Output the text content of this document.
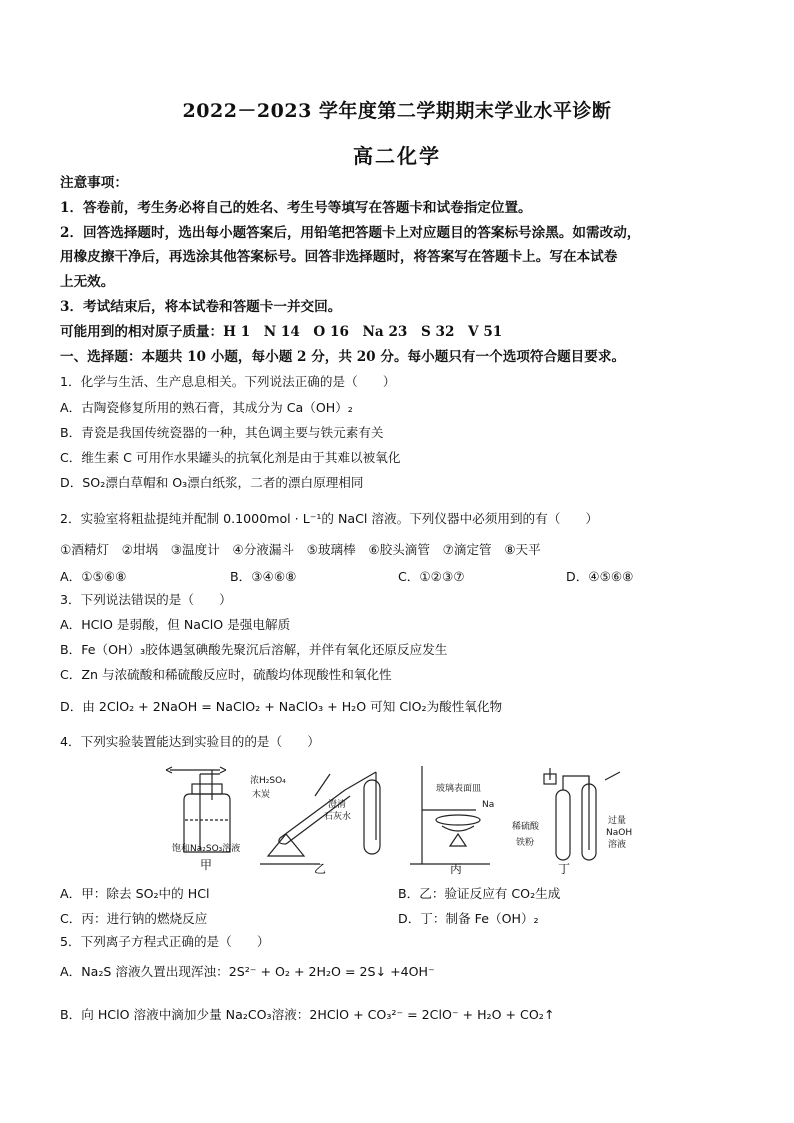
2022－2023 学年度第二学期期末学业水平诊断
高二化学
注意事项：
1．答卷前，考生务必将自己的姓名、考生号等填写在答题卡和试卷指定位置。
2．回答选择题时，选出每小题答案后，用铅笔把答题卡上对应题目的答案标号涂黑。如需改动，
用橡皮擦干净后，再选涂其他答案标号。回答非选择题时，将答案写在答题卡上。写在本试卷
上无效。
3．考试结束后，将本试卷和答题卡一并交回。
可能用到的相对原子质量：H 1　N 14　O 16　Na 23　S 32　V 51
一、选择题：本题共 10 小题，每小题 2 分，共 20 分。每小题只有一个选项符合题目要求。
1．化学与生活、生产息息相关。下列说法正确的是（　　）
A．古陶瓷修复所用的熟石膏，其成分为 Ca（OH）₂
B．青瓷是我国传统瓷器的一种，其色调主要与铁元素有关
C．维生素 C 可用作水果罐头的抗氧化剂是由于其难以被氧化
D．SO₂漂白草帽和 O₃漂白纸浆，二者的漂白原理相同
2．实验室将粗盐提纯并配制 0.1000mol · L⁻¹的 NaCl 溶液。下列仪器中必须用到的有（　　）
①酒精灯　②坩埚　③温度计　④分液漏斗　⑤玻璃棒　⑥胶头滴管　⑦滴定管　⑧天平
A．①⑤⑥⑧	B．③④⑥⑧	C．①②③⑦	D．④⑤⑥⑧
3．下列说法错误的是（　　）
A．HClO 是弱酸，但 NaClO 是强电解质
B．Fe（OH）₃胶体遇氢碘酸先聚沉后溶解，并伴有氧化还原反应发生
C．Zn 与浓硫酸和稀硫酸反应时，硫酸均体现酸性和氧化性
D．由 2ClO₂ + 2NaOH = NaClO₂ + NaClO₃ + H₂O 可知 ClO₂为酸性氧化物
4．下列实验装置能达到实验目的的是（　　）
饱和Na₂SO₃溶液
甲
浓H₂SO₄
木炭
澄清
石灰水
乙
玻璃表面皿
Na
丙
稀硫酸
铁粉
过量
NaOH
溶液
丁
A．甲：除去 SO₂中的 HCl	B．乙：验证反应有 CO₂生成
C．丙：进行钠的燃烧反应	D．丁：制备 Fe（OH）₂
5．下列离子方程式正确的是（　　）
A．Na₂S 溶液久置出现浑浊：2S²⁻ + O₂ + 2H₂O = 2S↓ +4OH⁻
B．向 HClO 溶液中滴加少量 Na₂CO₃溶液：2HClO + CO₃²⁻ = 2ClO⁻ + H₂O + CO₂↑
